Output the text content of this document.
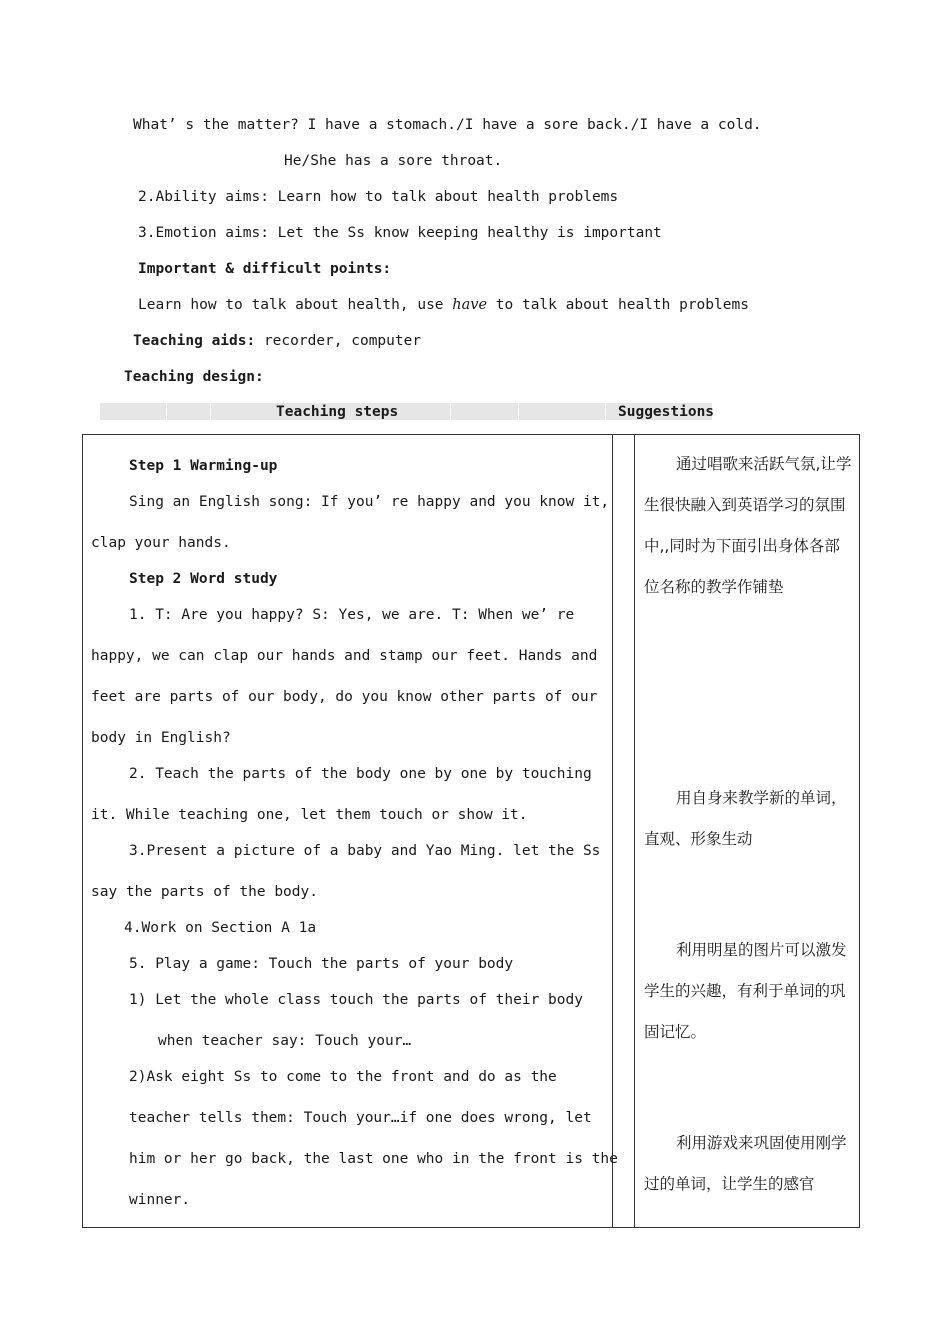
What’ s the matter? I have a stomach./I have a sore back./I have a cold.
He/She has a sore throat.
2.Ability aims: Learn how to talk about health problems
3.Emotion aims: Let the Ss know keeping healthy is important
Important & difficult points:
Learn how to talk about health, use have to talk about health problems
Teaching aids: recorder, computer
Teaching design:
Teaching steps	Suggestions
Step 1 Warming-up
Sing an English song: If you’ re happy and you know it,
clap your hands.
Step 2 Word study
1. T: Are you happy? S: Yes, we are. T: When we’ re
happy, we can clap our hands and stamp our feet. Hands and
feet are parts of our body, do you know other parts of our
body in English?
2. Teach the parts of the body one by one by touching
it. While teaching one, let them touch or show it.
3.Present a picture of a baby and Yao Ming. let the Ss
say the parts of the body.
4.Work on Section A 1a
5. Play a game: Touch the parts of your body
1) Let the whole class touch the parts of their body
when teacher say: Touch your…
2)Ask eight Ss to come to the front and do as the
teacher tells them: Touch your…if one does wrong, let
him or her go back, the last one who in the front is the
winner.
通过唱歌来活跃气氛,让学生很快融入到英语学习的氛围中,,同时为下面引出身体各部位名称的教学作铺垫
用自身来教学新的单词，直观、形象生动
利用明星的图片可以激发学生的兴趣，有利于单词的巩固记忆。
利用游戏来巩固使用刚学过的单词，让学生的感官
